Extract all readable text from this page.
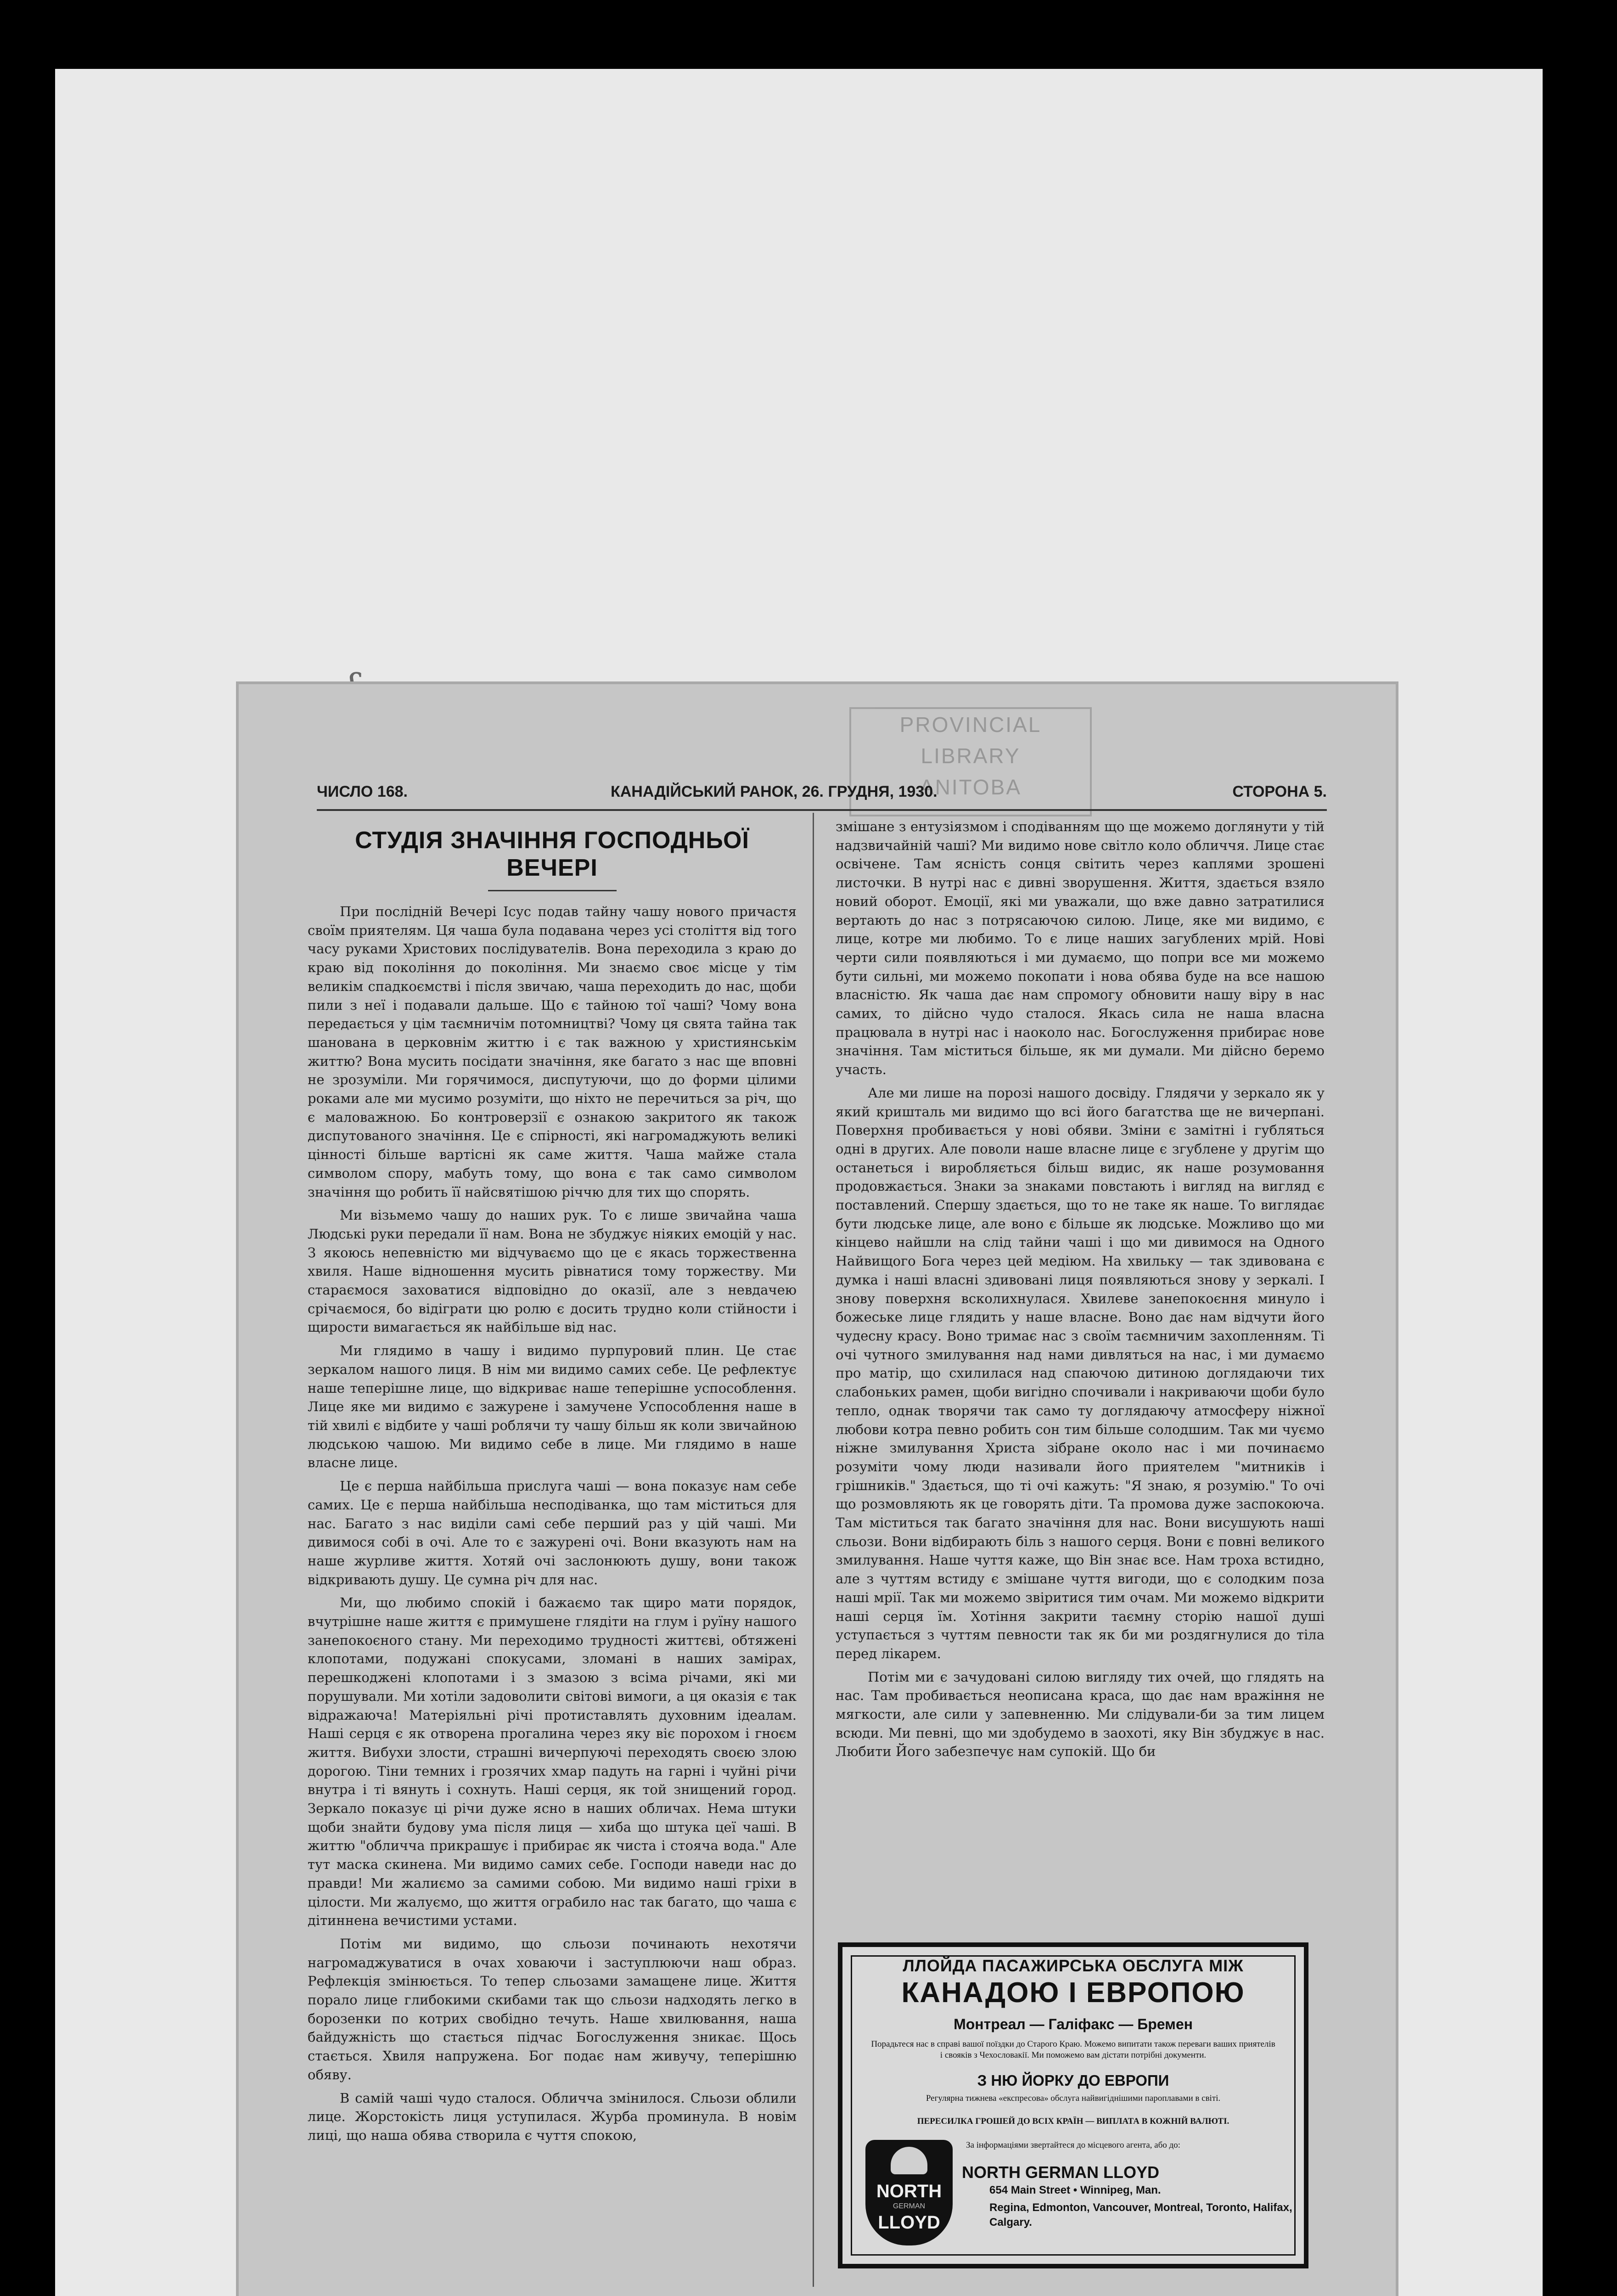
PROVINCIAL
LIBRARY
ANITOBA
ЧИСЛО 168.	КАНАДІЙСЬКИЙ РАНОК, 26. ГРУДНЯ, 1930.	СТОРОНА 5.
СТУДІЯ ЗНАЧІННЯ ГОСПОДНЬОЇ ВЕЧЕРІ

При послідній Вечері Ісус подав тайну чашу нового причастя своїм приятелям. Ця чаша була подавана через усі століття від того часу руками Христових послідувателів. Вона переходила з краю до краю від покоління до покоління. Ми знаємо своє місце у тім великім спадкоємстві і після звичаю, чаша переходить до нас, щоби пили з неї і подавали дальше. Що є тайною тої чаші? Чому вона передається у цім таємничім потомництві? Чому ця свята тайна так шанована в церковнім життю і є так важною у християнськім життю? Вона мусить посідати значіння, яке багато з нас ще вповні не зрозуміли. Ми горячимося, диспутуючи, що до форми цілими роками але ми мусимо розуміти, що ніхто не перечиться за річ, що є маловажною. Бо контроверзії є ознакою закритого як також диспутованого значіння. Це є спірності, які нагромаджують великі цінності більше вартісні як саме життя. Чаша майже стала символом спору, мабуть тому, що вона є так само символом значіння що робить її найсвятішою річчю для тих що спорять.

Ми візьмемо чашу до наших рук. То є лише звичайна чаша Людські руки передали її нам. Вона не збуджує ніяких емоцій у нас. З якоюсь непевністю ми відчуваємо що це є якась торжественна хвиля. Наше відношення мусить рівнатися тому торжеству. Ми стараємося заховатися відповідно до оказії, але з невдачею срічаємося, бо відіграти цю ролю є досить трудно коли стійности і щирости вимагається як найбільше від нас.

Ми глядимо в чашу і видимо пурпуровий плин. Це стає зеркалом нашого лиця. В нім ми видимо самих себе. Це рефлектує наше теперішне лице, що відкриває наше теперішне успособлення. Лице яке ми видимо є зажурене і замучене Успособлення наше в тій хвилі є відбите у чаші роблячи ту чашу більш як коли звичайною людською чашою. Ми видимо себе в лице. Ми глядимо в наше власне лице.

Це є перша найбільша прислуга чаші — вона показує нам себе самих. Це є перша найбільша несподіванка, що там міститься для нас. Багато з нас виділи самі себе перший раз у цій чаші. Ми дивимося собі в очі. Але то є зажурені очі. Вони вказують нам на наше журливе життя. Хотяй очі заслонюють душу, вони також відкривають душу. Це сумна річ для нас.

Ми, що любимо спокій і бажаємо так щиро мати порядок, вчутрішне наше життя є примушене глядіти на глум і руїну нашого занепокоєного стану. Ми переходимо трудності життєві, обтяжені клопотами, подужані спокусами, зломані в наших замірах, перешкоджені клопотами і з змазою з всіма річами, які ми порушували. Ми хотіли задоволити світові вимоги, а ця оказія є так відражаюча! Матеріяльні річі протиставлять духовним ідеалам. Наші серця є як отворена прогалина через яку віє порохом і гноєм життя. Вибухи злости, страшні вичерпуючі переходять своєю злою дорогою. Тіни темних і грозячих хмар падуть на гарні і чуйні річи внутра і ті вянуть і сохнуть. Наші серця, як той знищений город. Зеркало показує ці річи дуже ясно в наших обличах. Нема штуки щоби знайти будову ума після лиця — хиба що штука цеї чаші. В життю "обличча прикрашує і прибирає як чиста і стояча вода." Але тут маска скинена. Ми видимо самих себе. Господи наведи нас до правди! Ми жалиємо за самими собою. Ми видимо наші гріхи в цілости. Ми жалуємо, що життя ограбило нас так багато, що чаша є дітиннена вечистими устами.

Потім ми видимо, що сльози починають нехотячи нагромаджуватися в очах ховаючи і заступлюючи наш образ. Рефлекція змінюється. То тепер сльозами замащене лице. Життя порало лице глибокими скибами так що сльози надходять легко в борозенки по котрих свобідно течуть. Наше хвилювання, наша байдужність що стається підчас Богослуження зникає. Щось стається. Хвиля напружена. Бог подає нам живучу, теперішню обяву.

В самій чаші чудо сталося. Обличча змінилося. Сльози облили лице. Жорстокість лиця уступилася. Журба проминула. В новім лиці, що наша обява створила є чуття спокою,

змішане з ентузіязмом і сподіванням що ще можемо доглянути у тій надзвичайній чаші? Ми видимо нове світло коло обличчя. Лице стає освічене. Там ясність сонця світить через каплями зрошені листочки. В нутрі нас є дивні зворушення. Життя, здається взяло новий оборот. Емоції, які ми уважали, що вже давно затратилися вертають до нас з потрясаючою силою. Лице, яке ми видимо, є лице, котре ми любимо. То є лице наших загублених мрій. Нові черти сили появляються і ми думаємо, що попри все ми можемо бути сильні, ми можемо покопати і нова обява буде на все нашою власністю. Як чаша дає нам спромогу обновити нашу віру в нас самих, то дійсно чудо сталося. Якась сила не наша власна працювала в нутрі нас і наоколо нас. Богослуження прибирає нове значіння. Там міститься більше, як ми думали. Ми дійсно беремо участь.

Але ми лише на порозі нашого досвіду. Глядячи у зеркало як у який кришталь ми видимо що всі його багатства ще не вичерпані. Поверхня пробивається у нові обяви. Зміни є замітні і губляться одні в других. Але поволи наше власне лице є згублене у другім що останеться і виробляється більш видис, як наше розумовання продовжається. Знаки за знаками повстають і вигляд на вигляд є поставлений. Спершу здається, що то не таке як наше. То виглядає бути людське лице, але воно є більше як людське. Можливо що ми кінцево найшли на слід тайни чаші і що ми дивимося на Одного Найвищого Бога через цей медіюм. На хвильку — так здивована є думка і наші власні здивовані лиця появляються знову у зеркалі. І знову поверхня всколихнулася. Хвилеве занепокоєння минуло і божеське лице глядить у наше власне. Воно дає нам відчути його чудесну красу. Воно тримає нас з своїм таємничим захопленням. Ті очі чутного змилування над нами дивляться на нас, і ми думаємо про матір, що схилилася над спаючою дитиною доглядаючи тих слабоньких рамен, щоби вигідно спочивали і накриваючи щоби було тепло, однак творячи так само ту доглядаючу атмосферу ніжної любови котра певно робить сон тим більше солодшим. Так ми чуємо ніжне змилування Христа зібране около нас і ми починаємо розуміти чому люди називали його приятелем "митників і грішників." Здається, що ті очі кажуть: "Я знаю, я розумію." То очі що розмовляють як це говорять діти. Та промова дуже заспокоюча. Там міститься так багато значіння для нас. Вони висушують наші сльози. Вони відбирають біль з нашого серця. Вони є повні великого змилування. Наше чуття каже, що Він знає все. Нам троха встидно, але з чуттям встиду є змішане чуття вигоди, що є солодким поза наші мрії. Так ми можемо звіритися тим очам. Ми можемо відкрити наші серця їм. Хотіння закрити таємну сторію нашої душі уступається з чуттям певности так як би ми роздягнулися до тіла перед лікарем.

Потім ми є зачудовані силою вигляду тих очей, що глядять на нас. Там пробивається неописана краса, що дає нам вражіння не мягкости, але сили у запевненню. Ми слідували-би за тим лицем всюди. Ми певні, що ми здобудемо в заохоті, яку Він збуджує в нас. Любити Його забезпечує нам супокій. Що би

ЛЛОЙДА ПАСАЖИРСЬКА ОБСЛУГА МІЖ
КАНАДОЮ І ЕВРОПОЮ
Монтреал — Галіфакс — Бремен
Порадьтеся нас в справі вашої поїздки до Старого Краю. Можемо випитати також переваги ваших приятелів і свояків з Чехословакії. Ми поможемо вам дістати потрібні документи.
З НЮ ЙОРКУ ДО ЕВРОПИ
Регулярна тижнева «експресова» обслуга найвигіднішими пароплавами в світі.
ПЕРЕСИЛКА ГРОШЕЙ ДО ВСІХ КРАЇН — ВИПЛАТА В КОЖНІЙ ВАЛЮТІ.
За інформаціями звертайтеся до місцевого агента, або до:
NORTH
GERMAN
LLOYD
NORTH GERMAN LLOYD
654 Main Street • Winnipeg, Man.
Regina, Edmonton, Vancouver, Montreal, Toronto, Halifax, Calgary.
